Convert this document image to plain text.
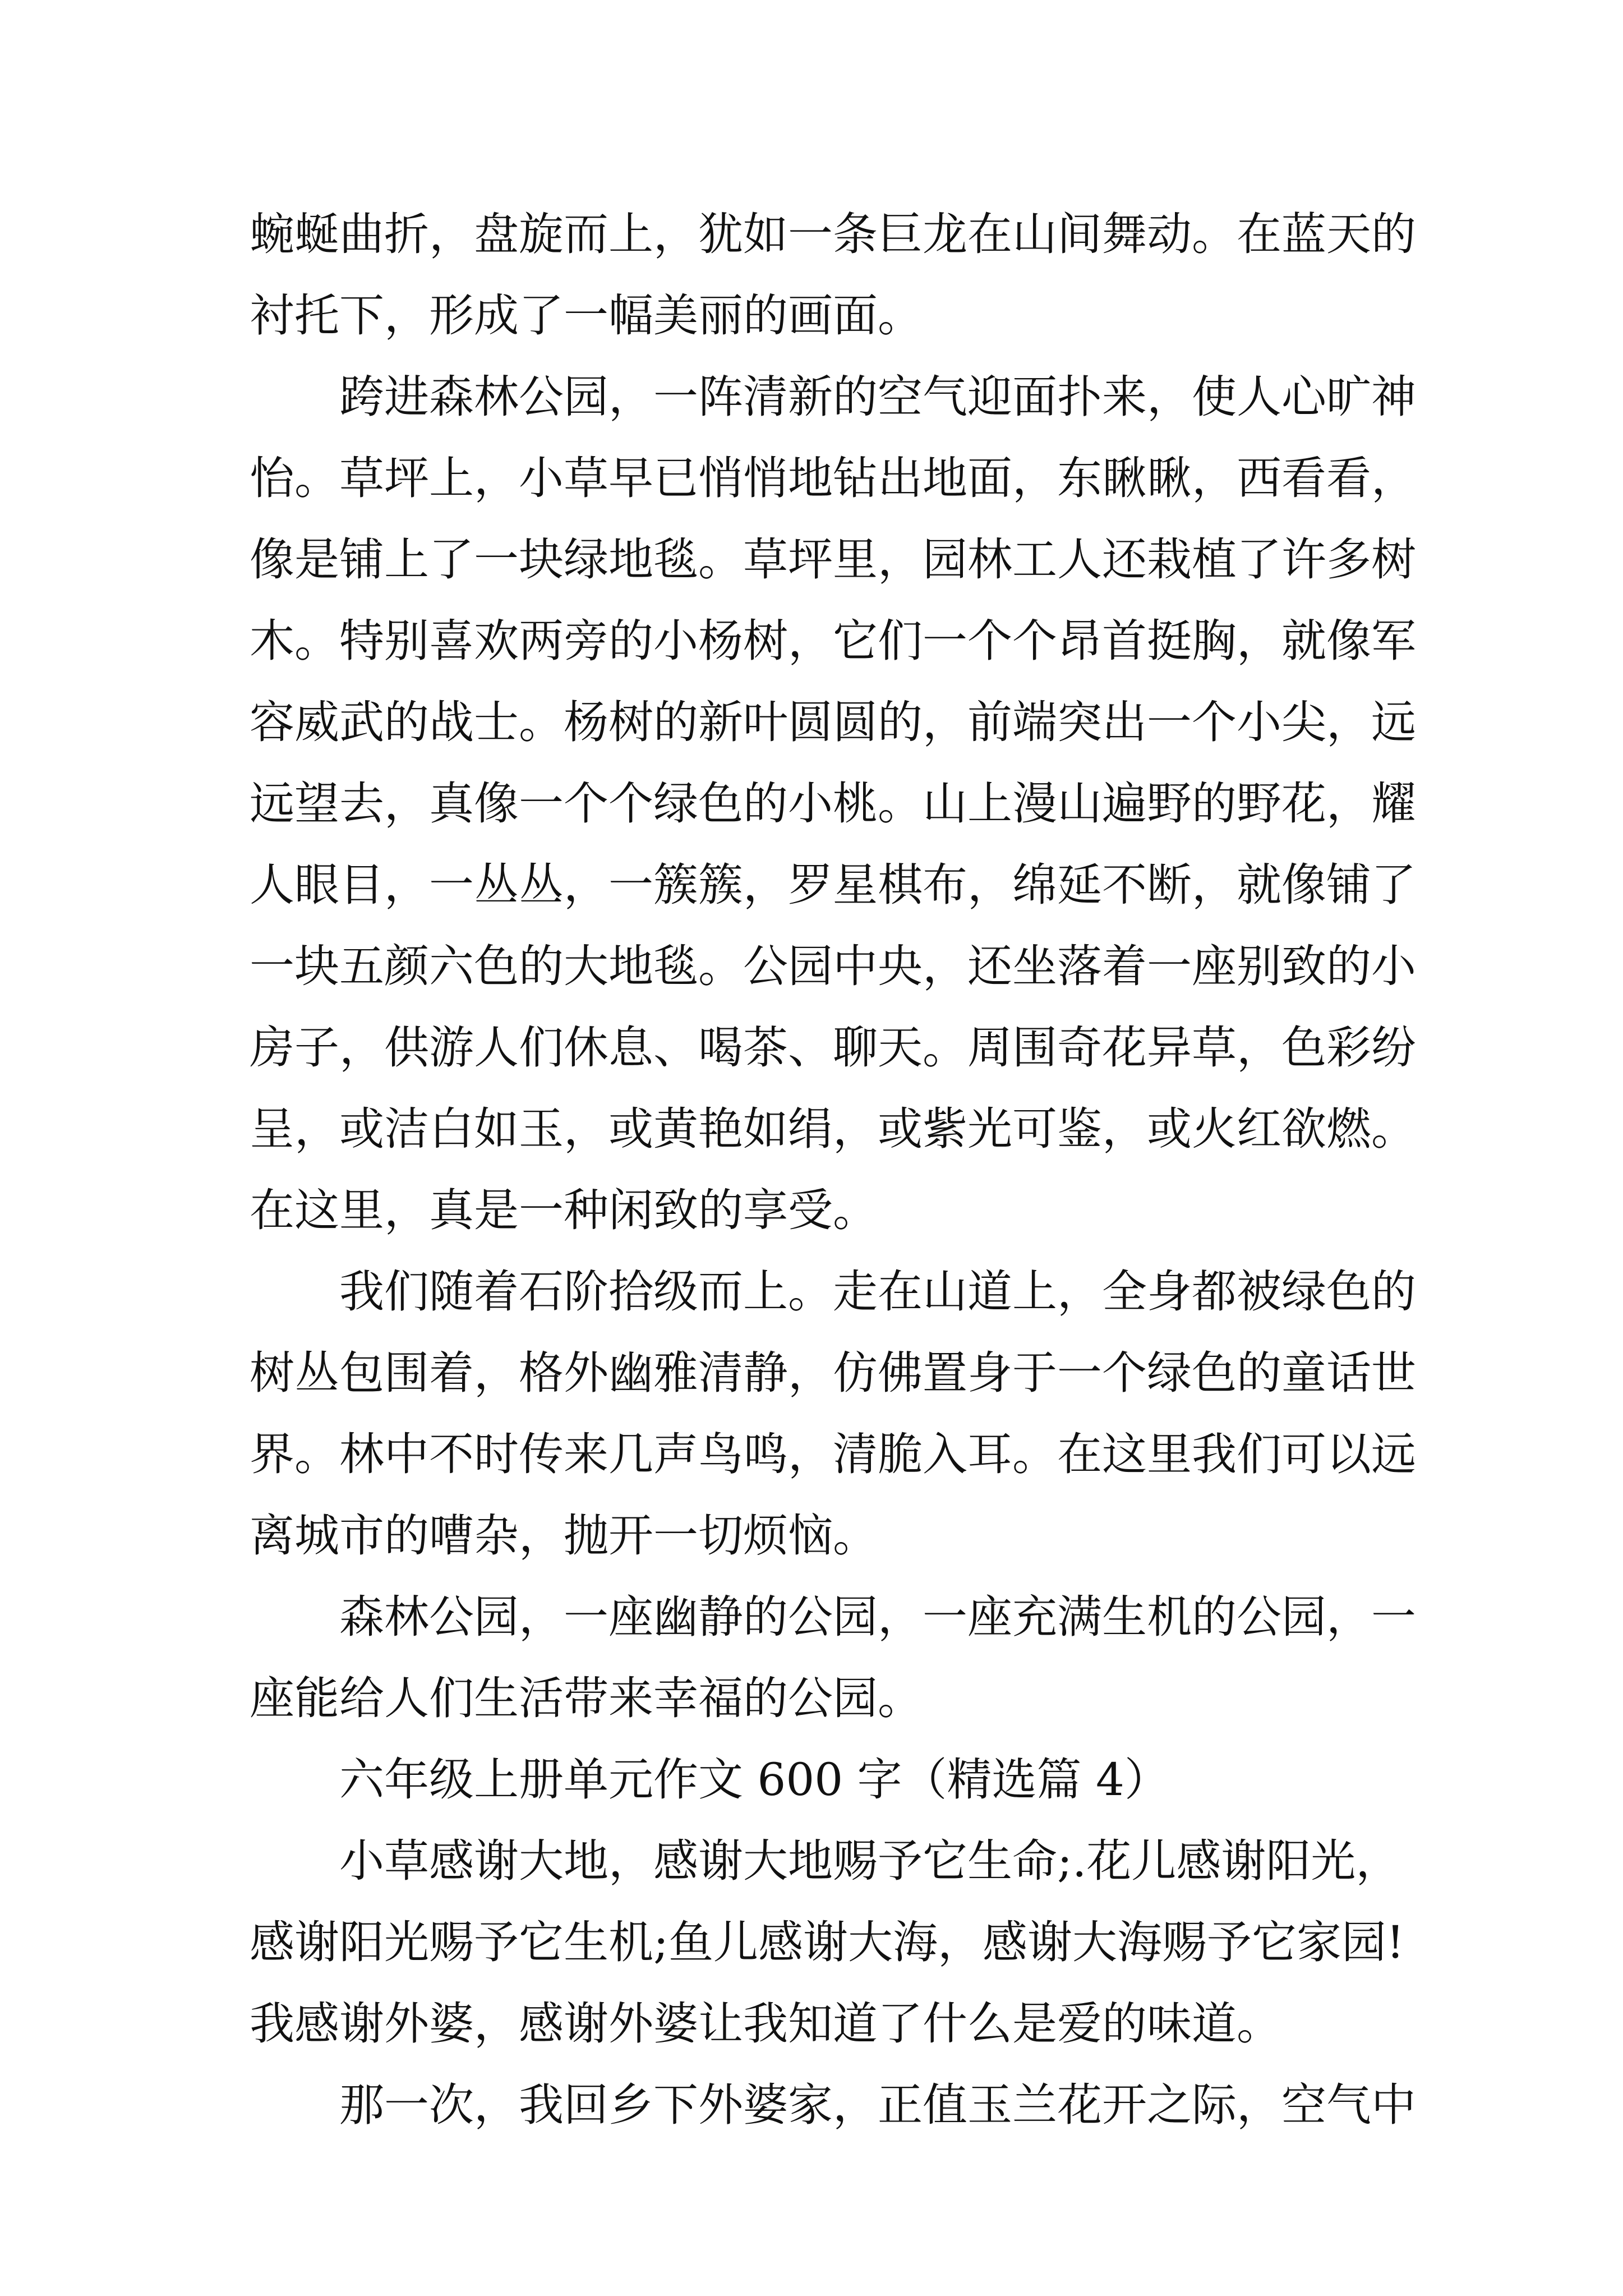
蜿蜒曲折，盘旋而上，犹如一条巨龙在山间舞动。在蓝天的
衬托下，形成了一幅美丽的画面。

　　跨进森林公园，一阵清新的空气迎面扑来，使人心旷神
怡。草坪上，小草早已悄悄地钻出地面，东瞅瞅，西看看，
像是铺上了一块绿地毯。草坪里，园林工人还栽植了许多树
木。特别喜欢两旁的小杨树，它们一个个昂首挺胸，就像军
容威武的战士。杨树的新叶圆圆的，前端突出一个小尖，远
远望去，真像一个个绿色的小桃。山上漫山遍野的野花，耀
人眼目，一丛丛，一簇簇，罗星棋布，绵延不断，就像铺了
一块五颜六色的大地毯。公园中央，还坐落着一座别致的小
房子，供游人们休息、喝茶、聊天。周围奇花异草，色彩纷
呈，或洁白如玉，或黄艳如绢，或紫光可鉴，或火红欲燃。
在这里，真是一种闲致的享受。

　　我们随着石阶拾级而上。走在山道上，全身都被绿色的
树丛包围着，格外幽雅清静，仿佛置身于一个绿色的童话世
界。林中不时传来几声鸟鸣，清脆入耳。在这里我们可以远
离城市的嘈杂，抛开一切烦恼。

　　森林公园，一座幽静的公园，一座充满生机的公园，一
座能给人们生活带来幸福的公园。

　　六年级上册单元作文 600 字（精选篇 4）

　　小草感谢大地，感谢大地赐予它生命;.花儿感谢阳光，
感谢阳光赐予它生机;鱼儿感谢大海，感谢大海赐予它家园!
我感谢外婆，感谢外婆让我知道了什么是爱的味道。

　　那一次，我回乡下外婆家，正值玉兰花开之际，空气中
